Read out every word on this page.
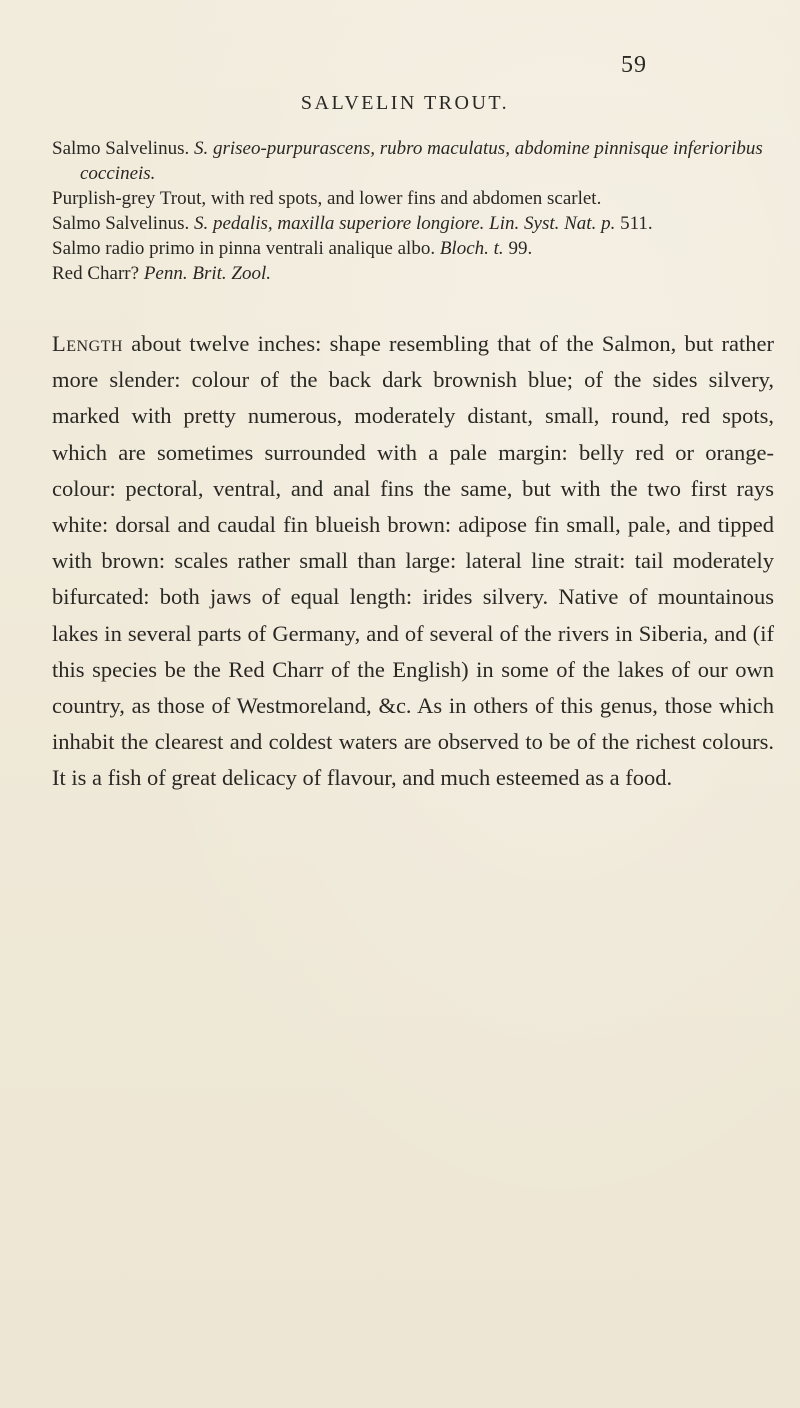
59
SALVELIN TROUT.

Salmo Salvelinus. S. griseo-purpurascens, rubro maculatus, abdomine pinnisque inferioribus coccineis.

Purplish-grey Trout, with red spots, and lower fins and abdomen scarlet.

Salmo Salvelinus. S. pedalis, maxilla superiore longiore. Lin. Syst. Nat. p. 511.

Salmo radio primo in pinna ventrali analique albo. Bloch. t. 99.

Red Charr? Penn. Brit. Zool.

Length about twelve inches: shape resembling that of the Salmon, but rather more slender: colour of the back dark brownish blue; of the sides silvery, marked with pretty numerous, moderately distant, small, round, red spots, which are sometimes surrounded with a pale margin: belly red or orange-colour: pectoral, ventral, and anal fins the same, but with the two first rays white: dorsal and caudal fin blueish brown: adipose fin small, pale, and tipped with brown: scales rather small than large: lateral line strait: tail moderately bifurcated: both jaws of equal length: irides silvery. Native of mountainous lakes in several parts of Germany, and of several of the rivers in Siberia, and (if this species be the Red Charr of the English) in some of the lakes of our own country, as those of Westmoreland, &c. As in others of this genus, those which inhabit the clearest and coldest waters are observed to be of the richest colours. It is a fish of great delicacy of flavour, and much esteemed as a food.
